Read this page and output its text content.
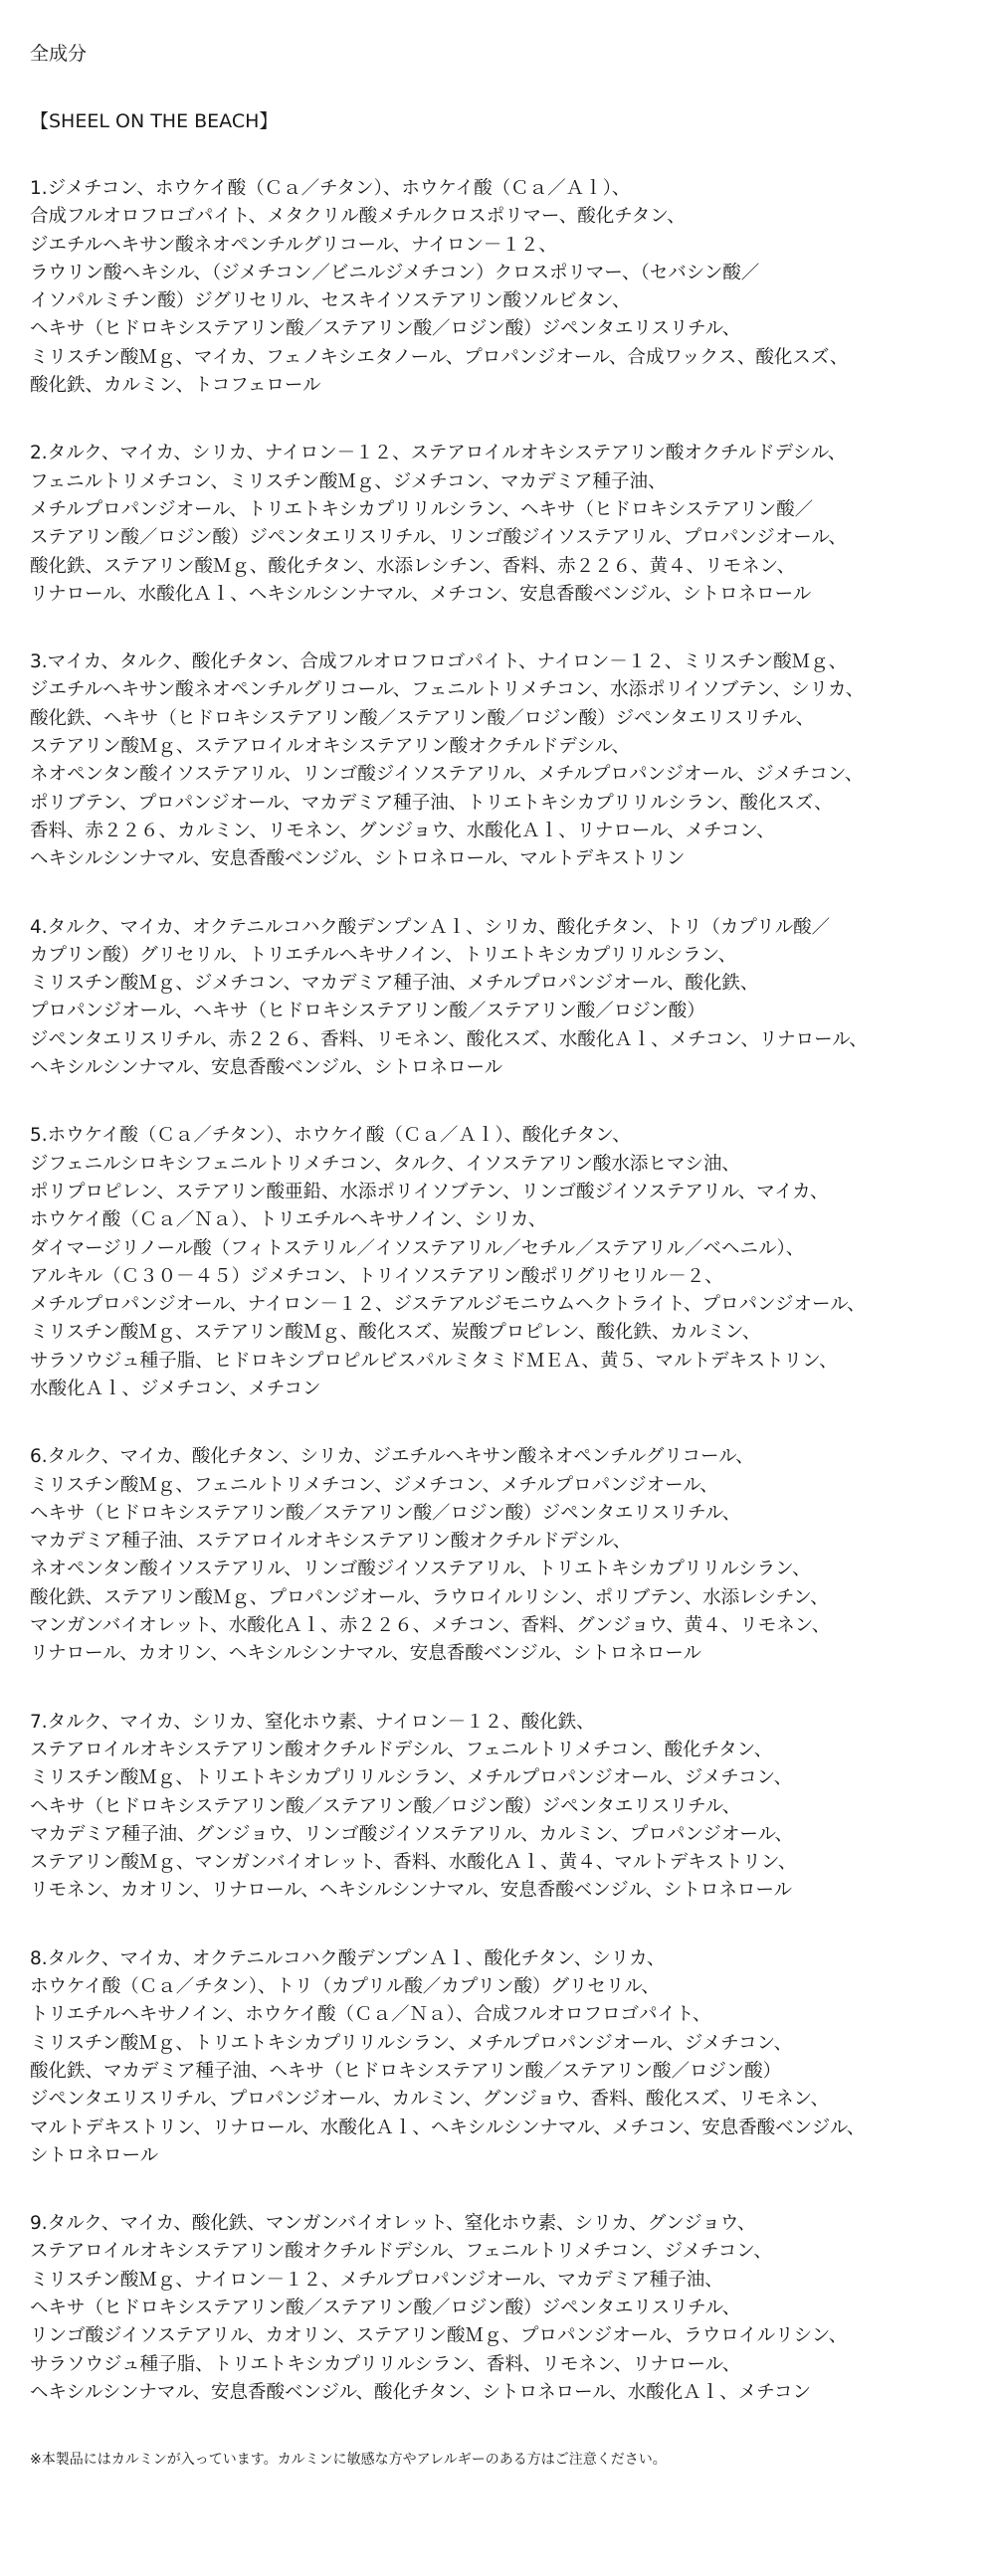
全成分
【SHEEL ON THE BEACH】
1.ジメチコン、ホウケイ酸（Ｃａ／チタン）、ホウケイ酸（Ｃａ／Ａｌ）、
合成フルオロフロゴパイト、メタクリル酸メチルクロスポリマー、酸化チタン、
ジエチルヘキサン酸ネオペンチルグリコール、ナイロン－１２、
ラウリン酸ヘキシル、（ジメチコン／ビニルジメチコン）クロスポリマー、（セバシン酸／
イソパルミチン酸）ジグリセリル、セスキイソステアリン酸ソルビタン、
ヘキサ（ヒドロキシステアリン酸／ステアリン酸／ロジン酸）ジペンタエリスリチル、
ミリスチン酸Ｍｇ、マイカ、フェノキシエタノール、プロパンジオール、合成ワックス、酸化スズ、
酸化鉄、カルミン、トコフェロール
2.タルク、マイカ、シリカ、ナイロン－１２、ステアロイルオキシステアリン酸オクチルドデシル、
フェニルトリメチコン、ミリスチン酸Ｍｇ、ジメチコン、マカデミア種子油、
メチルプロパンジオール、トリエトキシカプリリルシラン、ヘキサ（ヒドロキシステアリン酸／
ステアリン酸／ロジン酸）ジペンタエリスリチル、リンゴ酸ジイソステアリル、プロパンジオール、
酸化鉄、ステアリン酸Ｍｇ、酸化チタン、水添レシチン、香料、赤２２６、黄４、リモネン、
リナロール、水酸化Ａｌ、ヘキシルシンナマル、メチコン、安息香酸ベンジル、シトロネロール
3.マイカ、タルク、酸化チタン、合成フルオロフロゴパイト、ナイロン－１２、ミリスチン酸Ｍｇ、
ジエチルヘキサン酸ネオペンチルグリコール、フェニルトリメチコン、水添ポリイソブテン、シリカ、
酸化鉄、ヘキサ（ヒドロキシステアリン酸／ステアリン酸／ロジン酸）ジペンタエリスリチル、
ステアリン酸Ｍｇ、ステアロイルオキシステアリン酸オクチルドデシル、
ネオペンタン酸イソステアリル、リンゴ酸ジイソステアリル、メチルプロパンジオール、ジメチコン、
ポリブテン、プロパンジオール、マカデミア種子油、トリエトキシカプリリルシラン、酸化スズ、
香料、赤２２６、カルミン、リモネン、グンジョウ、水酸化Ａｌ、リナロール、メチコン、
ヘキシルシンナマル、安息香酸ベンジル、シトロネロール、マルトデキストリン
4.タルク、マイカ、オクテニルコハク酸デンプンＡｌ、シリカ、酸化チタン、トリ（カプリル酸／
カプリン酸）グリセリル、トリエチルヘキサノイン、トリエトキシカプリリルシラン、
ミリスチン酸Ｍｇ、ジメチコン、マカデミア種子油、メチルプロパンジオール、酸化鉄、
プロパンジオール、ヘキサ（ヒドロキシステアリン酸／ステアリン酸／ロジン酸）
ジペンタエリスリチル、赤２２６、香料、リモネン、酸化スズ、水酸化Ａｌ、メチコン、リナロール、
ヘキシルシンナマル、安息香酸ベンジル、シトロネロール
5.ホウケイ酸（Ｃａ／チタン）、ホウケイ酸（Ｃａ／Ａｌ）、酸化チタン、
ジフェニルシロキシフェニルトリメチコン、タルク、イソステアリン酸水添ヒマシ油、
ポリプロピレン、ステアリン酸亜鉛、水添ポリイソブテン、リンゴ酸ジイソステアリル、マイカ、
ホウケイ酸（Ｃａ／Ｎａ）、トリエチルヘキサノイン、シリカ、
ダイマージリノール酸（フィトステリル／イソステアリル／セチル／ステアリル／ベヘニル）、
アルキル（Ｃ３０－４５）ジメチコン、トリイソステアリン酸ポリグリセリル－２、
メチルプロパンジオール、ナイロン－１２、ジステアルジモニウムヘクトライト、プロパンジオール、
ミリスチン酸Ｍｇ、ステアリン酸Ｍｇ、酸化スズ、炭酸プロピレン、酸化鉄、カルミン、
サラソウジュ種子脂、ヒドロキシプロピルビスパルミタミドＭＥＡ、黄５、マルトデキストリン、
水酸化Ａｌ、ジメチコン、メチコン
6.タルク、マイカ、酸化チタン、シリカ、ジエチルヘキサン酸ネオペンチルグリコール、
ミリスチン酸Ｍｇ、フェニルトリメチコン、ジメチコン、メチルプロパンジオール、
ヘキサ（ヒドロキシステアリン酸／ステアリン酸／ロジン酸）ジペンタエリスリチル、
マカデミア種子油、ステアロイルオキシステアリン酸オクチルドデシル、
ネオペンタン酸イソステアリル、リンゴ酸ジイソステアリル、トリエトキシカプリリルシラン、
酸化鉄、ステアリン酸Ｍｇ、プロパンジオール、ラウロイルリシン、ポリブテン、水添レシチン、
マンガンバイオレット、水酸化Ａｌ、赤２２６、メチコン、香料、グンジョウ、黄４、リモネン、
リナロール、カオリン、ヘキシルシンナマル、安息香酸ベンジル、シトロネロール
7.タルク、マイカ、シリカ、窒化ホウ素、ナイロン－１２、酸化鉄、
ステアロイルオキシステアリン酸オクチルドデシル、フェニルトリメチコン、酸化チタン、
ミリスチン酸Ｍｇ、トリエトキシカプリリルシラン、メチルプロパンジオール、ジメチコン、
ヘキサ（ヒドロキシステアリン酸／ステアリン酸／ロジン酸）ジペンタエリスリチル、
マカデミア種子油、グンジョウ、リンゴ酸ジイソステアリル、カルミン、プロパンジオール、
ステアリン酸Ｍｇ、マンガンバイオレット、香料、水酸化Ａｌ、黄４、マルトデキストリン、
リモネン、カオリン、リナロール、ヘキシルシンナマル、安息香酸ベンジル、シトロネロール
8.タルク、マイカ、オクテニルコハク酸デンプンＡｌ、酸化チタン、シリカ、
ホウケイ酸（Ｃａ／チタン）、トリ（カプリル酸／カプリン酸）グリセリル、
トリエチルヘキサノイン、ホウケイ酸（Ｃａ／Ｎａ）、合成フルオロフロゴパイト、
ミリスチン酸Ｍｇ、トリエトキシカプリリルシラン、メチルプロパンジオール、ジメチコン、
酸化鉄、マカデミア種子油、ヘキサ（ヒドロキシステアリン酸／ステアリン酸／ロジン酸）
ジペンタエリスリチル、プロパンジオール、カルミン、グンジョウ、香料、酸化スズ、リモネン、
マルトデキストリン、リナロール、水酸化Ａｌ、ヘキシルシンナマル、メチコン、安息香酸ベンジル、
シトロネロール
9.タルク、マイカ、酸化鉄、マンガンバイオレット、窒化ホウ素、シリカ、グンジョウ、
ステアロイルオキシステアリン酸オクチルドデシル、フェニルトリメチコン、ジメチコン、
ミリスチン酸Ｍｇ、ナイロン－１２、メチルプロパンジオール、マカデミア種子油、
ヘキサ（ヒドロキシステアリン酸／ステアリン酸／ロジン酸）ジペンタエリスリチル、
リンゴ酸ジイソステアリル、カオリン、ステアリン酸Ｍｇ、プロパンジオール、ラウロイルリシン、
サラソウジュ種子脂、トリエトキシカプリリルシラン、香料、リモネン、リナロール、
ヘキシルシンナマル、安息香酸ベンジル、酸化チタン、シトロネロール、水酸化Ａｌ、メチコン
※本製品にはカルミンが入っています。カルミンに敏感な方やアレルギーのある方はご注意ください。
